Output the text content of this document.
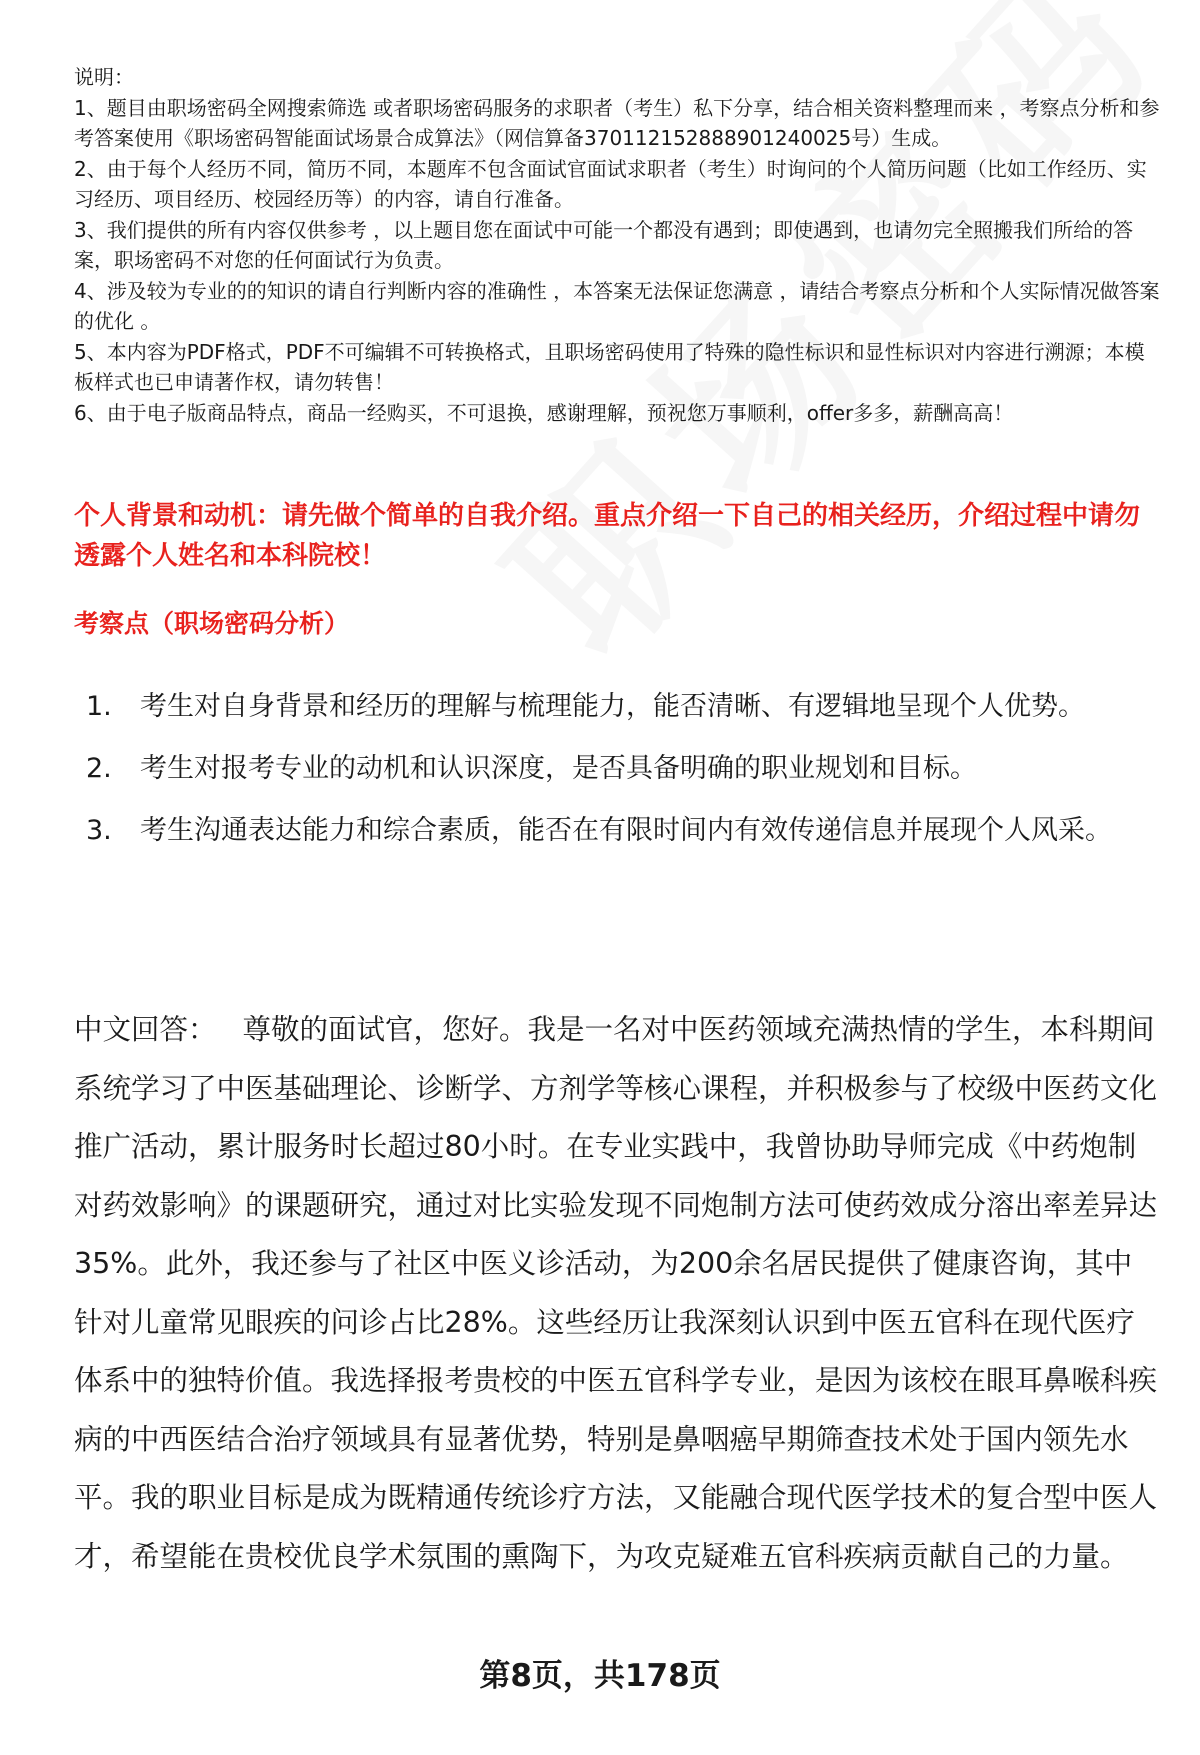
说明：

1、题目由职场密码全网搜索筛选 或者职场密码服务的求职者（考生）私下分享，结合相关资料整理而来 ，考察点分析和参考答案使用《职场密码智能面试场景合成算法》（网信算备370112152888901240025号）生成。

2、由于每个人经历不同，简历不同，本题库不包含面试官面试求职者（考生）时询问的个人简历问题（比如工作经历、实习经历、项目经历、校园经历等）的内容，请自行准备。

3、我们提供的所有内容仅供参考 ，以上题目您在面试中可能一个都没有遇到；即使遇到，也请勿完全照搬我们所给的答案，职场密码不对您的任何面试行为负责。

4、涉及较为专业的的知识的请自行判断内容的准确性 ，本答案无法保证您满意 ，请结合考察点分析和个人实际情况做答案的优化 。

5、本内容为PDF格式，PDF不可编辑不可转换格式，且职场密码使用了特殊的隐性标识和显性标识对内容进行溯源；本模板样式也已申请著作权，请勿转售！

6、由于电子版商品特点，商品一经购买，不可退换，感谢理解，预祝您万事顺利，offer多多，薪酬高高！

个人背景和动机：请先做个简单的自我介绍。重点介绍一下自己的相关经历，介绍过程中请勿透露个人姓名和本科院校！
考察点（职场密码分析）
1.	考生对自身背景和经历的理解与梳理能力，能否清晰、有逻辑地呈现个人优势。
2.	考生对报考专业的动机和认识深度，是否具备明确的职业规划和目标。
3.	考生沟通表达能力和综合素质，能否在有限时间内有效传递信息并展现个人风采。
中文回答： 尊敬的面试官，您好。我是一名对中医药领域充满热情的学生，本科期间系统学习了中医基础理论、诊断学、方剂学等核心课程，并积极参与了校级中医药文化推广活动，累计服务时长超过80小时。在专业实践中，我曾协助导师完成《中药炮制对药效影响》的课题研究，通过对比实验发现不同炮制方法可使药效成分溶出率差异达35%。此外，我还参与了社区中医义诊活动，为200余名居民提供了健康咨询，其中针对儿童常见眼疾的问诊占比28%。这些经历让我深刻认识到中医五官科在现代医疗体系中的独特价值。我选择报考贵校的中医五官科学专业，是因为该校在眼耳鼻喉科疾病的中西医结合治疗领域具有显著优势，特别是鼻咽癌早期筛查技术处于国内领先水平。我的职业目标是成为既精通传统诊疗方法，又能融合现代医学技术的复合型中医人才，希望能在贵校优良学术氛围的熏陶下，为攻克疑难五官科疾病贡献自己的力量。
第8页，共178页
